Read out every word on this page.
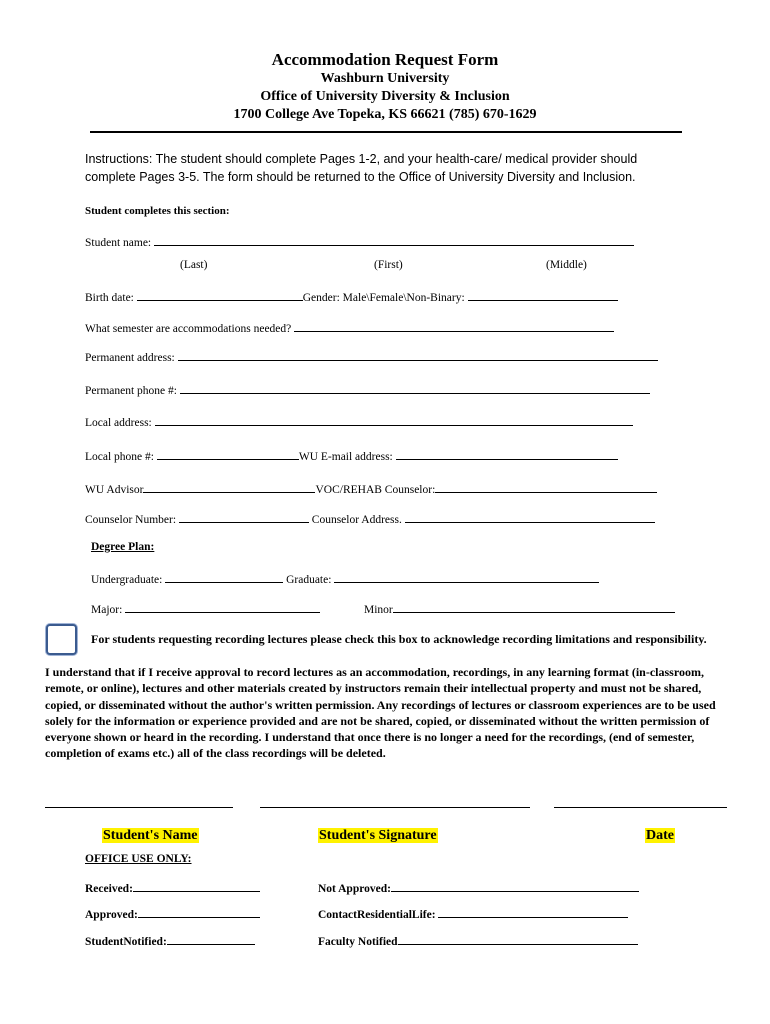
Accommodation Request Form
Washburn University
Office of University Diversity & Inclusion
1700 College Ave Topeka, KS 66621 (785) 670-1629
Instructions: The student should complete Pages 1-2, and your health-care/ medical provider should complete Pages 3-5. The form should be returned to the Office of University Diversity and Inclusion.
Student completes this section:
Student name:
(Last)	(First)	(Middle)
Birth date:	Gender: Male\Female\Non-Binary:
What semester are accommodations needed?
Permanent address:
Permanent phone #:
Local address:
Local phone #:	WU E-mail address:
WU Advisor	VOC/REHAB Counselor:
Counselor Number:	Counselor Address.
Degree Plan:
Undergraduate:	Graduate:
Major:	Minor
For students requesting recording lectures please check this box to acknowledge recording limitations and responsibility.
I understand that if I receive approval to record lectures as an accommodation, recordings, in any learning format (in-classroom, remote, or online), lectures and other materials created by instructors remain their intellectual property and must not be shared, copied, or disseminated without the author's written permission. Any recordings of lectures or classroom experiences are to be used solely for the information or experience provided and are not be shared, copied, or disseminated without the written permission of everyone shown or heard in the recording. I understand that once there is no longer a need for the recordings, (end of semester, completion of exams etc.) all of the class recordings will be deleted.
Student's Name	Student's Signature	Date
OFFICE USE ONLY:
Received:	Not Approved:
Approved:	ContactResidentialLife:
StudentNotified:	Faculty Notified
